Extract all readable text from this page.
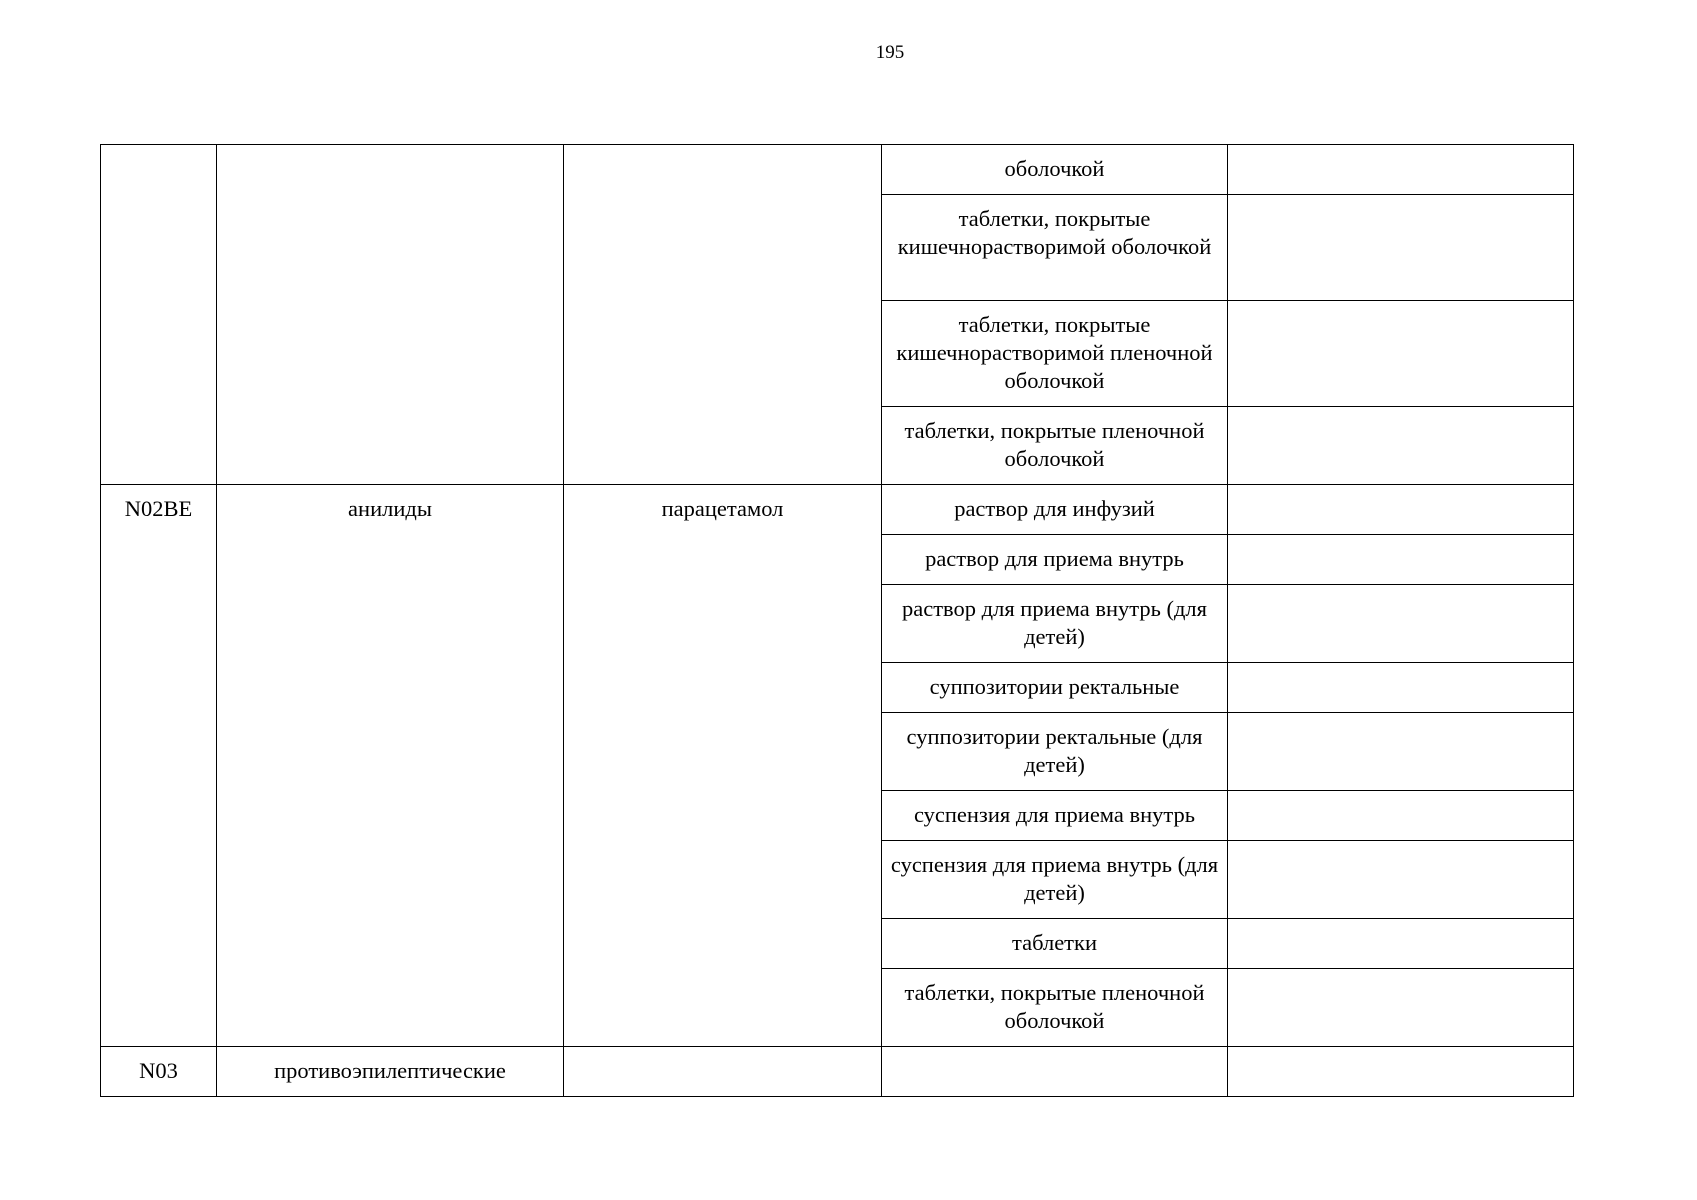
195
			оболочкой	
			таблетки, покрытые кишечнорастворимой оболочкой	
			таблетки, покрытые кишечнорастворимой пленочной оболочкой	
			таблетки, покрытые пленочной оболочкой	
N02BE	анилиды	парацетамол	раствор для инфузий	
			раствор для приема внутрь	
			раствор для приема внутрь (для детей)	
			суппозитории ректальные	
			суппозитории ректальные (для детей)	
			суспензия для приема внутрь	
			суспензия для приема внутрь (для детей)	
			таблетки	
			таблетки, покрытые пленочной оболочкой	
N03	противоэпилептические			
